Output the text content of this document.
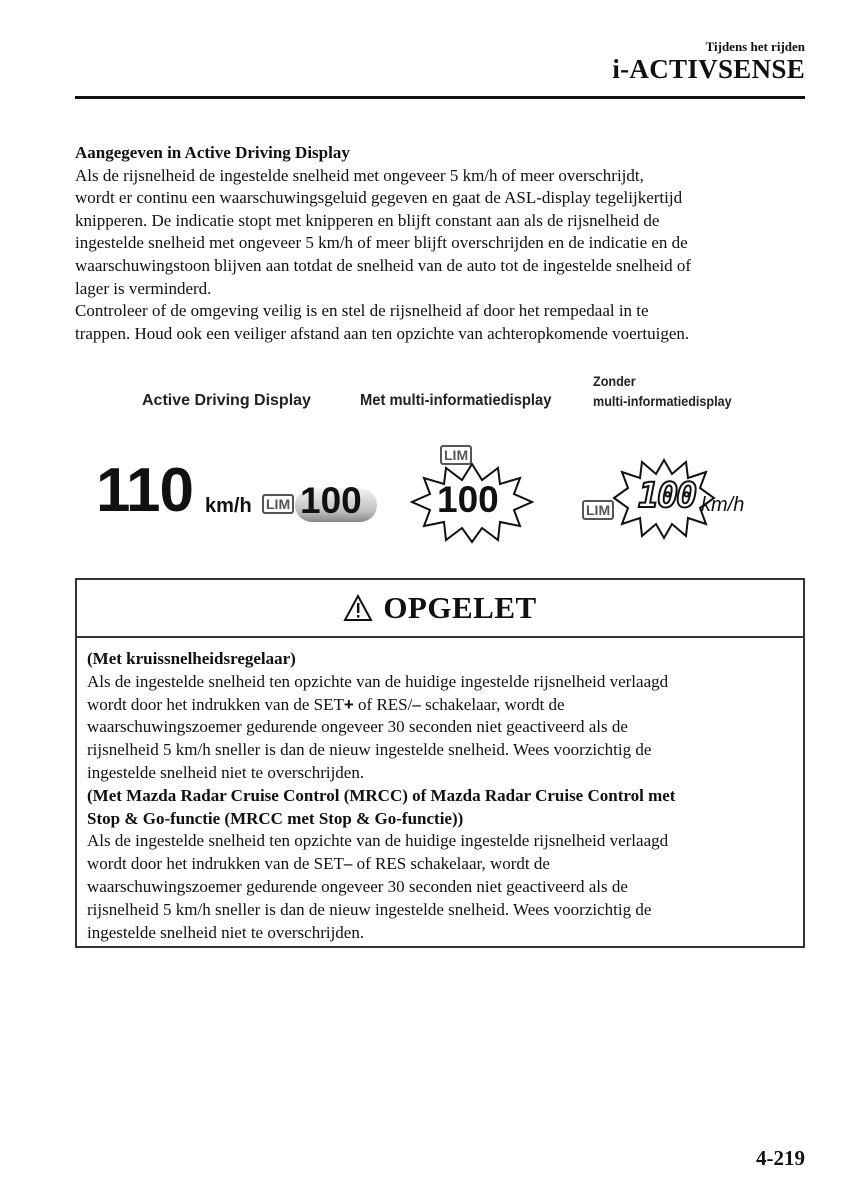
Tijdens het rijden
i-ACTIVSENSE

Aangegeven in Active Driving Display

Als de rijsnelheid de ingestelde snelheid met ongeveer 5 km/h of meer overschrijdt,

wordt er continu een waarschuwingsgeluid gegeven en gaat de ASL-display tegelijkertijd

knipperen. De indicatie stopt met knipperen en blijft constant aan als de rijsnelheid de

ingestelde snelheid met ongeveer 5 km/h of meer blijft overschrijden en de indicatie en de

waarschuwingstoon blijven aan totdat de snelheid van de auto tot de ingestelde snelheid of

lager is verminderd.

Controleer of de omgeving veilig is en stel de rijsnelheid af door het rempedaal in te

trappen. Houd ook een veiliger afstand aan ten opzichte van achteropkomende voertuigen.

Active Driving Display	Met multi-informatiedisplay
Zonder
multi-informatiedisplay
110 km/h LIM 100
LIM
100	LIM 100 km/h
OPGELET

(Met kruissnelheidsregelaar)

Als de ingestelde snelheid ten opzichte van de huidige ingestelde rijsnelheid verlaagd

wordt door het indrukken van de SET+ of RES/– schakelaar, wordt de

waarschuwingszoemer gedurende ongeveer 30 seconden niet geactiveerd als de

rijsnelheid 5 km/h sneller is dan de nieuw ingestelde snelheid. Wees voorzichtig de

ingestelde snelheid niet te overschrijden.

(Met Mazda Radar Cruise Control (MRCC) of Mazda Radar Cruise Control met

Stop & Go-functie (MRCC met Stop & Go-functie))

Als de ingestelde snelheid ten opzichte van de huidige ingestelde rijsnelheid verlaagd

wordt door het indrukken van de SET– of RES schakelaar, wordt de

waarschuwingszoemer gedurende ongeveer 30 seconden niet geactiveerd als de

rijsnelheid 5 km/h sneller is dan de nieuw ingestelde snelheid. Wees voorzichtig de

ingestelde snelheid niet te overschrijden.

4-219
